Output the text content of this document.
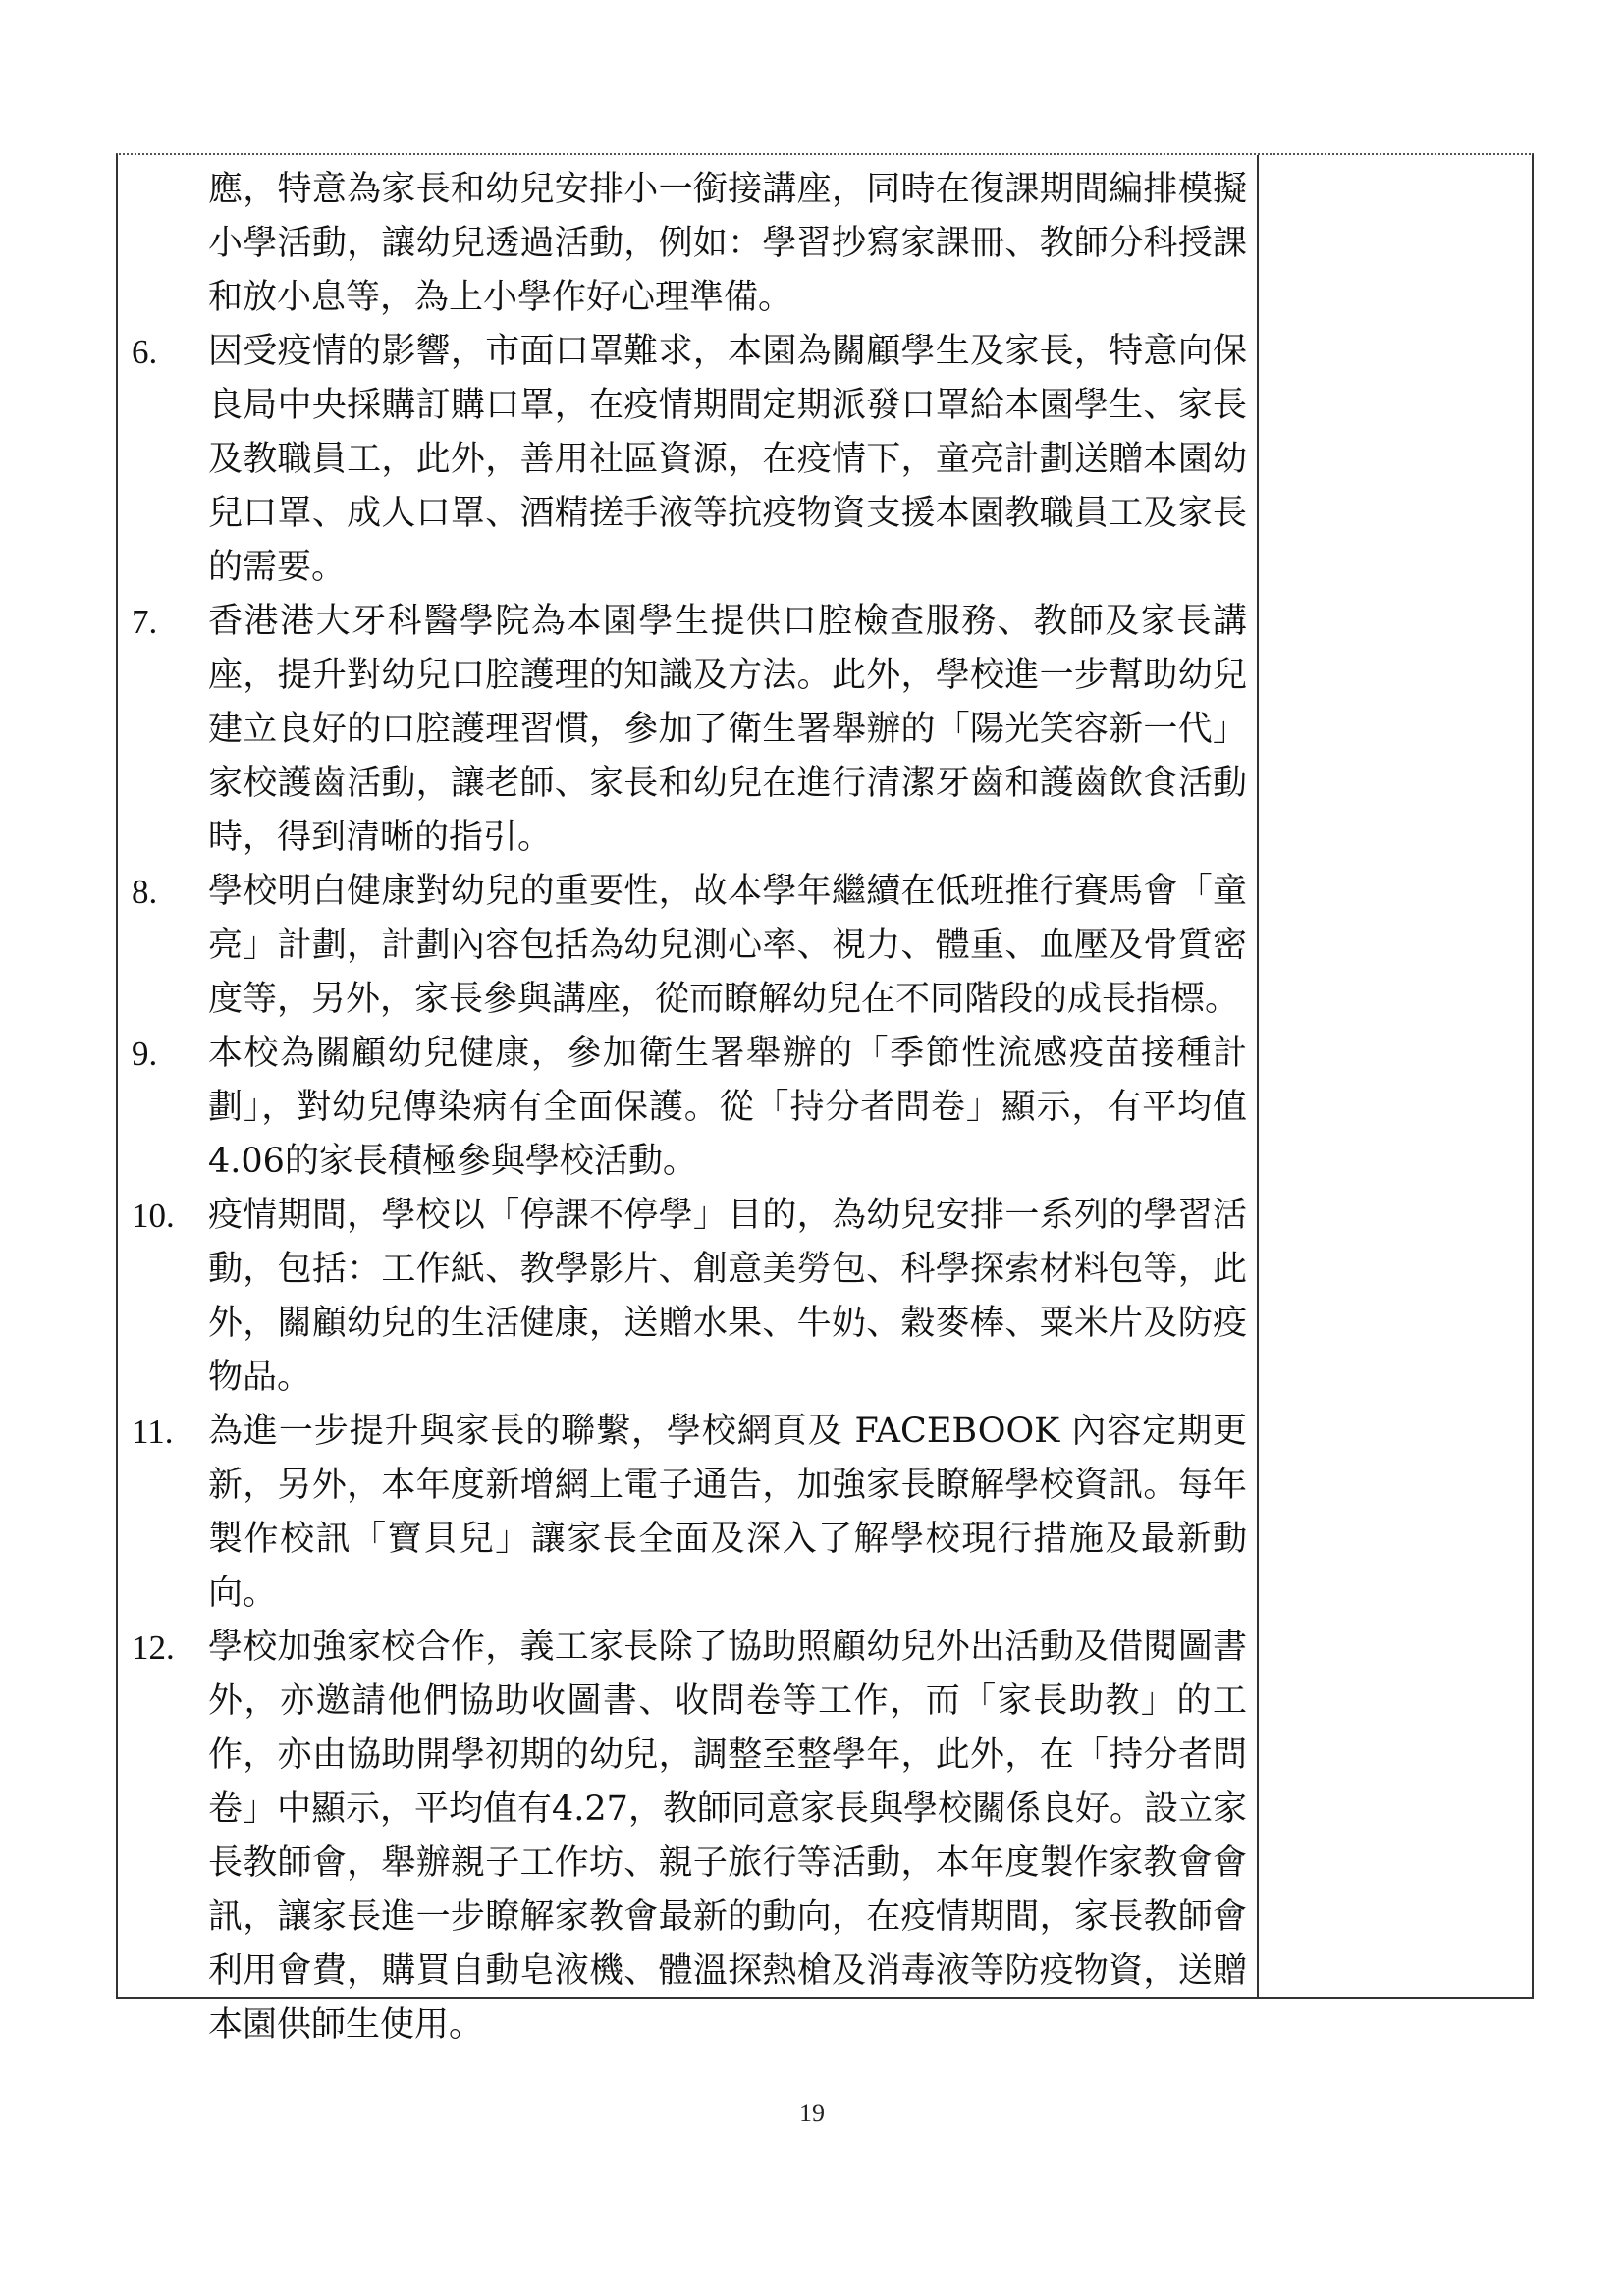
應，特意為家長和幼兒安排小一銜接講座，同時在復課期間編排模擬小學活動，讓幼兒透過活動，例如：學習抄寫家課冊、教師分科授課和放小息等，為上小學作好心理準備。
6.	因受疫情的影響，市面口罩難求，本園為關顧學生及家長，特意向保良局中央採購訂購口罩，在疫情期間定期派發口罩給本園學生、家長及教職員工，此外，善用社區資源，在疫情下，童亮計劃送贈本園幼兒口罩、成人口罩、酒精搓手液等抗疫物資支援本園教職員工及家長的需要。
7.	香港港大牙科醫學院為本園學生提供口腔檢查服務、教師及家長講座，提升對幼兒口腔護理的知識及方法。此外，學校進一步幫助幼兒建立良好的口腔護理習慣，參加了衛生署舉辦的「陽光笑容新一代」家校護齒活動，讓老師、家長和幼兒在進行清潔牙齒和護齒飲食活動時，得到清晰的指引。
8.	學校明白健康對幼兒的重要性，故本學年繼續在低班推行賽馬會「童亮」計劃，計劃內容包括為幼兒測心率、視力、體重、血壓及骨質密度等，另外，家長參與講座，從而瞭解幼兒在不同階段的成長指標。
9.	本校為關顧幼兒健康，參加衛生署舉辦的「季節性流感疫苗接種計劃」，對幼兒傳染病有全面保護。從「持分者問卷」顯示，有平均值4.06的家長積極參與學校活動。
10. 疫情期間，學校以「停課不停學」目的，為幼兒安排一系列的學習活動，包括：工作紙、教學影片、創意美勞包、科學探索材料包等，此外，關顧幼兒的生活健康，送贈水果、牛奶、穀麥棒、粟米片及防疫物品。
11.	為進一步提升與家長的聯繫，學校網頁及 FACEBOOK 內容定期更新，另外，本年度新增網上電子通告，加強家長瞭解學校資訊。每年製作校訊「寶貝兒」讓家長全面及深入了解學校現行措施及最新動向。
12. 學校加強家校合作，義工家長除了協助照顧幼兒外出活動及借閱圖書外，亦邀請他們協助收圖書、收問卷等工作，而「家長助教」的工作，亦由協助開學初期的幼兒，調整至整學年，此外，在「持分者問卷」中顯示，平均值有4.27，教師同意家長與學校關係良好。設立家長教師會，舉辦親子工作坊、親子旅行等活動，本年度製作家教會會訊，讓家長進一步瞭解家教會最新的動向，在疫情期間，家長教師會利用會費，購買自動皂液機、體溫探熱槍及消毒液等防疫物資，送贈本園供師生使用。
19
